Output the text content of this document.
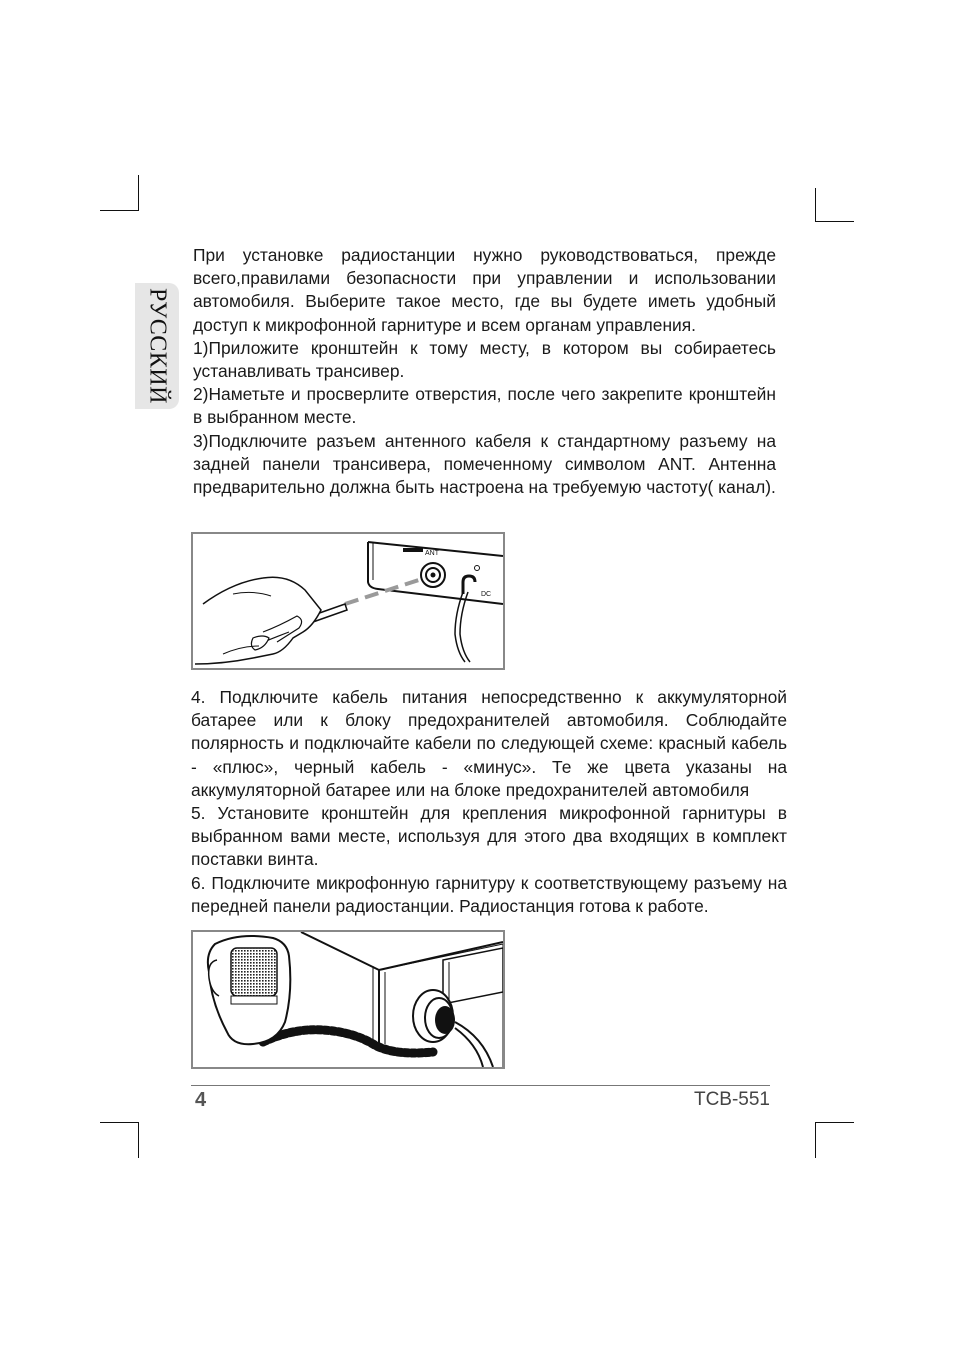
РУССКИЙ

При установке радиостанции нужно руководствоваться, прежде всего,правилами безопасности при управлении и использовании автомобиля. Выберите такое место, где вы будете иметь удобный доступ к микрофонной гарнитуре и всем органам управления.

1)Приложите кронштейн к тому месту, в котором вы собираетесь устанавливать трансивер.

2)Наметьте и просверлите отверстия, после чего закрепите кронштейн в выбранном месте.

3)Подключите разъем антенного кабеля к стандартному разъему на задней панели трансивера, помеченному символом ANT. Антенна предварительно должна быть настроена на требуемую частоту( канал).

ANT
DC

4. Подключите кабель питания непосредственно к аккумуляторной батарее или к блоку предохранителей автомобиля. Соблюдайте полярность и подключайте кабели по следующей схеме: красный кабель - «плюс», черный кабель - «минус». Те же цвета указаны на аккумуляторной батарее или на блоке предохранителей автомобиля

5. Установите кронштейн для крепления микрофонной гарнитуры в выбранном вами месте, используя для этого два входящих в комплект поставки винта.

6. Подключите микрофонную гарнитуру к соответствующему разъему на передней панели радиостанции. Радиостанция готова к работе.

4	TCB-551
